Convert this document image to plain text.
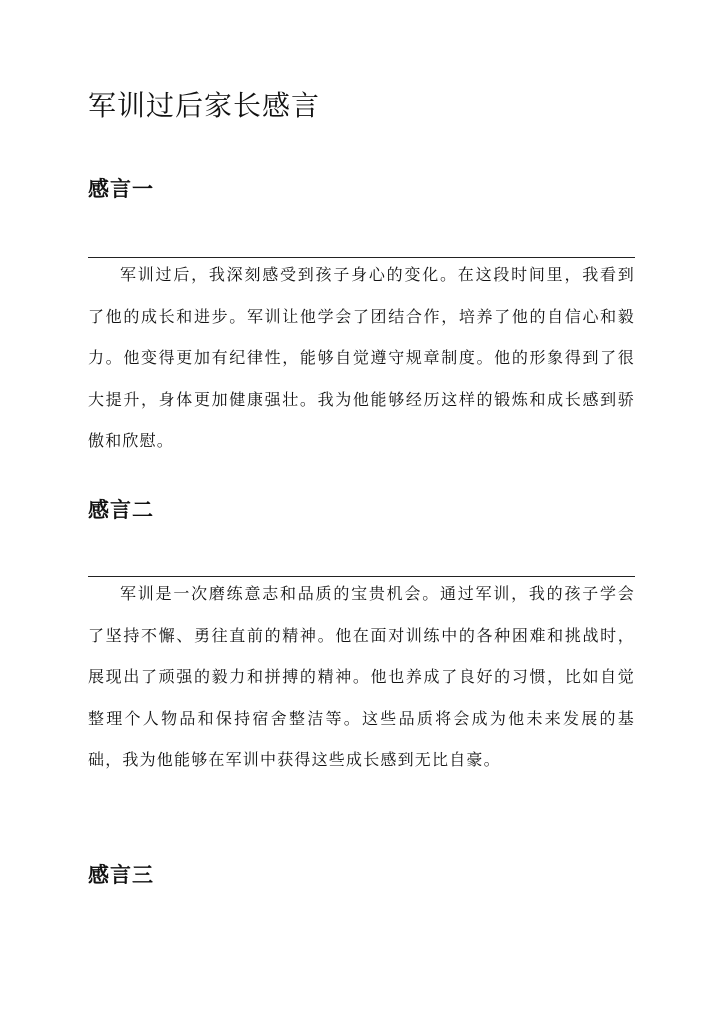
军训过后家长感言
感言一

军训过后，我深刻感受到孩子身心的变化。在这段时间里，我看到了他的成长和进步。军训让他学会了团结合作，培养了他的自信心和毅力。他变得更加有纪律性，能够自觉遵守规章制度。他的形象得到了很大提升，身体更加健康强壮。我为他能够经历这样的锻炼和成长感到骄傲和欣慰。

感言二

军训是一次磨练意志和品质的宝贵机会。通过军训，我的孩子学会了坚持不懈、勇往直前的精神。他在面对训练中的各种困难和挑战时，展现出了顽强的毅力和拼搏的精神。他也养成了良好的习惯，比如自觉整理个人物品和保持宿舍整洁等。这些品质将会成为他未来发展的基础，我为他能够在军训中获得这些成长感到无比自豪。

感言三
